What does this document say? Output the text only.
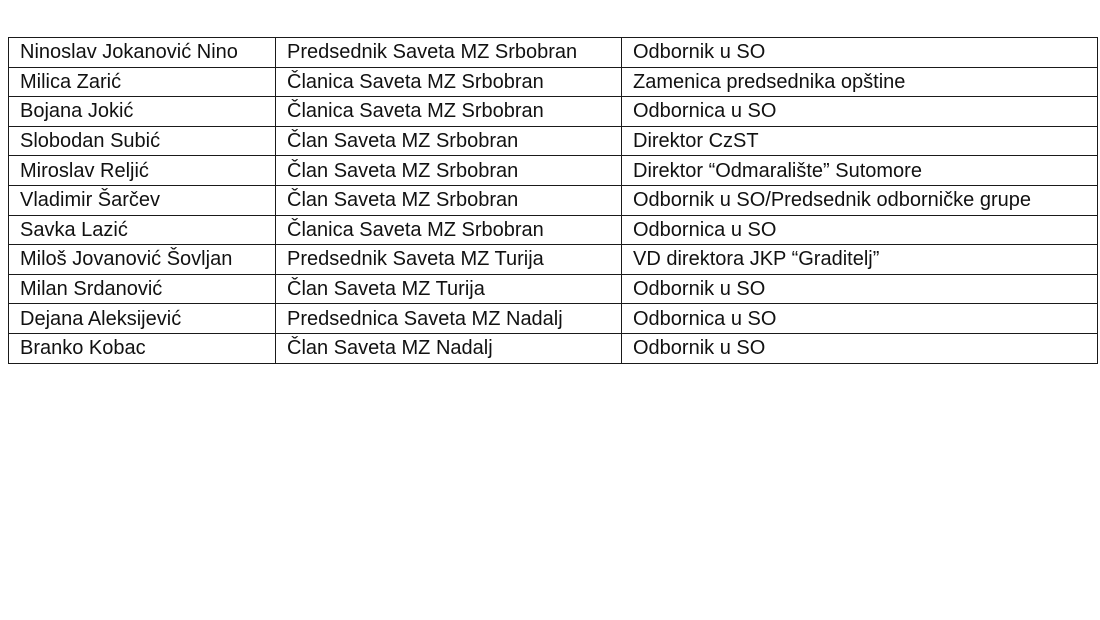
Ninoslav Jokanović Nino	Predsednik Saveta MZ Srbobran	Odbornik u SO
Milica Zarić	Članica Saveta MZ Srbobran	Zamenica predsednika opštine
Bojana Jokić	Članica Saveta MZ Srbobran	Odbornica u SO
Slobodan Subić	Član Saveta MZ Srbobran	Direktor CzST
Miroslav Reljić	Član Saveta MZ Srbobran	Direktor “Odmaralište” Sutomore
Vladimir Šarčev	Član Saveta MZ Srbobran	Odbornik u SO/Predsednik odborničke grupe
Savka Lazić	Članica Saveta MZ Srbobran	Odbornica u SO
Miloš Jovanović Šovljan	Predsednik Saveta MZ Turija	VD direktora JKP “Graditelj”
Milan Srdanović	Član Saveta MZ Turija	Odbornik u SO
Dejana Aleksijević	Predsednica Saveta MZ Nadalj	Odbornica u SO
Branko Kobac	Član Saveta MZ Nadalj	Odbornik u SO
